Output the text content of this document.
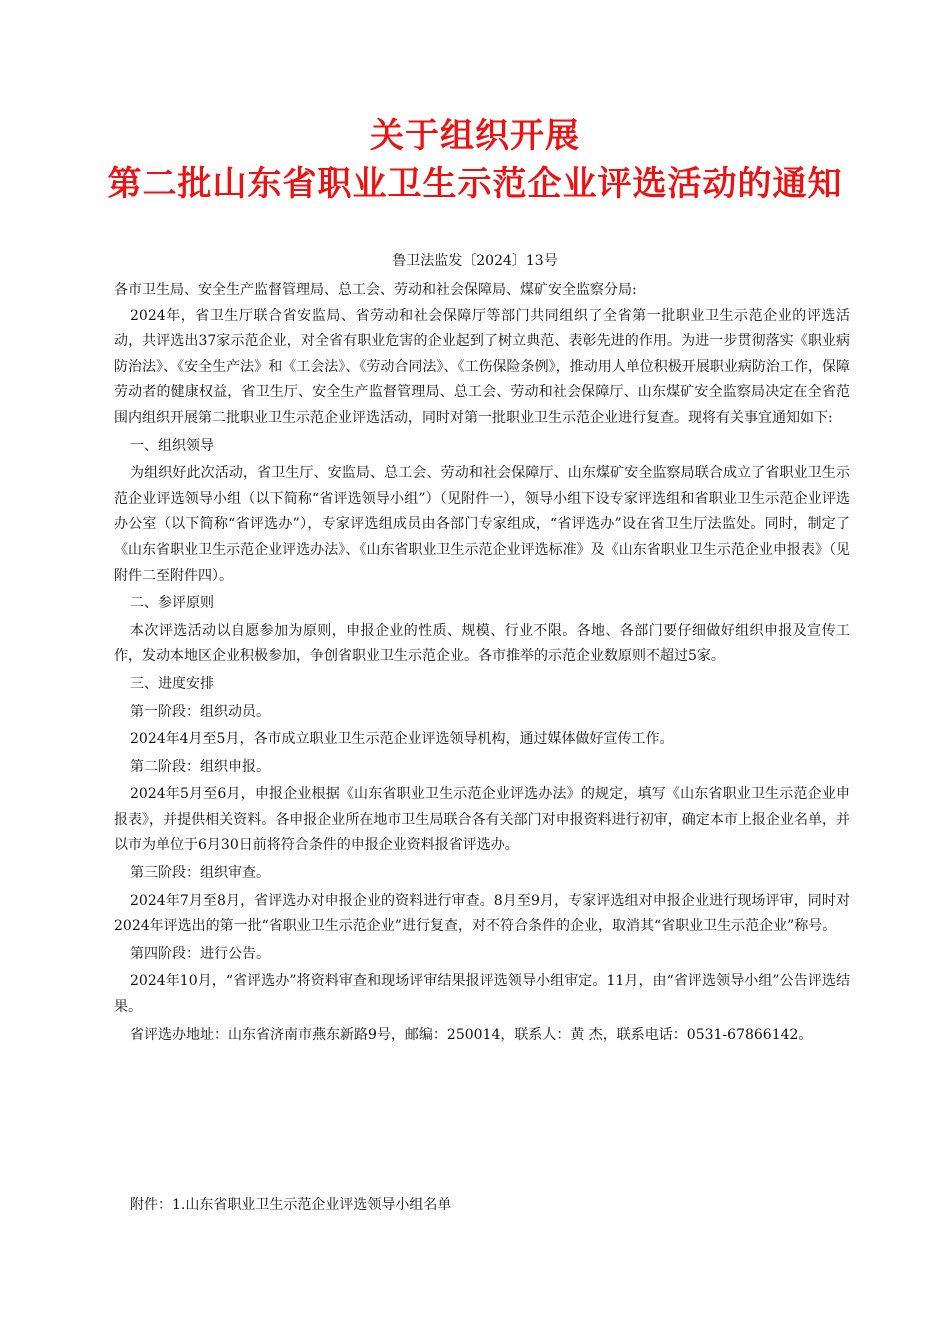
关于组织开展
第二批山东省职业卫生示范企业评选活动的通知
鲁卫法监发〔2024〕13号

各市卫生局、安全生产监督管理局、总工会、劳动和社会保障局、煤矿安全监察分局:

2024年，省卫生厅联合省安监局、省劳动和社会保障厅等部门共同组织了全省第一批职业卫生示范企业的评选活动，共评选出37家示范企业，对全省有职业危害的企业起到了树立典范、表彰先进的作用。为进一步贯彻落实《职业病防治法》、《安全生产法》和《工会法》、《劳动合同法》、《工伤保险条例》，推动用人单位积极开展职业病防治工作，保障劳动者的健康权益，省卫生厅、安全生产监督管理局、总工会、劳动和社会保障厅、山东煤矿安全监察局决定在全省范围内组织开展第二批职业卫生示范企业评选活动，同时对第一批职业卫生示范企业进行复查。现将有关事宜通知如下:

一、组织领导

为组织好此次活动，省卫生厅、安监局、总工会、劳动和社会保障厅、山东煤矿安全监察局联合成立了省职业卫生示范企业评选领导小组（以下简称“省评选领导小组”）（见附件一），领导小组下设专家评选组和省职业卫生示范企业评选办公室（以下简称“省评选办”），专家评选组成员由各部门专家组成，“省评选办”设在省卫生厅法监处。同时，制定了《山东省职业卫生示范企业评选办法》、《山东省职业卫生示范企业评选标准》及《山东省职业卫生示范企业申报表》（见附件二至附件四）。

二、参评原则

本次评选活动以自愿参加为原则，申报企业的性质、规模、行业不限。各地、各部门要仔细做好组织申报及宣传工作，发动本地区企业积极参加，争创省职业卫生示范企业。各市推举的示范企业数原则不超过5家。

三、进度安排

第一阶段：组织动员。

2024年4月至5月，各市成立职业卫生示范企业评选领导机构，通过媒体做好宣传工作。

第二阶段：组织申报。

2024年5月至6月，申报企业根据《山东省职业卫生示范企业评选办法》的规定，填写《山东省职业卫生示范企业申报表》，并提供相关资料。各申报企业所在地市卫生局联合各有关部门对申报资料进行初审，确定本市上报企业名单，并以市为单位于6月30日前将符合条件的申报企业资料报省评选办。

第三阶段：组织审查。

2024年7月至8月，省评选办对申报企业的资料进行审查。8月至9月，专家评选组对申报企业进行现场评审，同时对2024年评选出的第一批“省职业卫生示范企业”进行复查，对不符合条件的企业，取消其“省职业卫生示范企业”称号。

第四阶段：进行公告。

2024年10月，“省评选办”将资料审查和现场评审结果报评选领导小组审定。11月，由“省评选领导小组”公告评选结果。

省评选办地址：山东省济南市燕东新路9号，邮编：250014，联系人：黄 杰，联系电话：0531-67866142。

附件：1.山东省职业卫生示范企业评选领导小组名单
